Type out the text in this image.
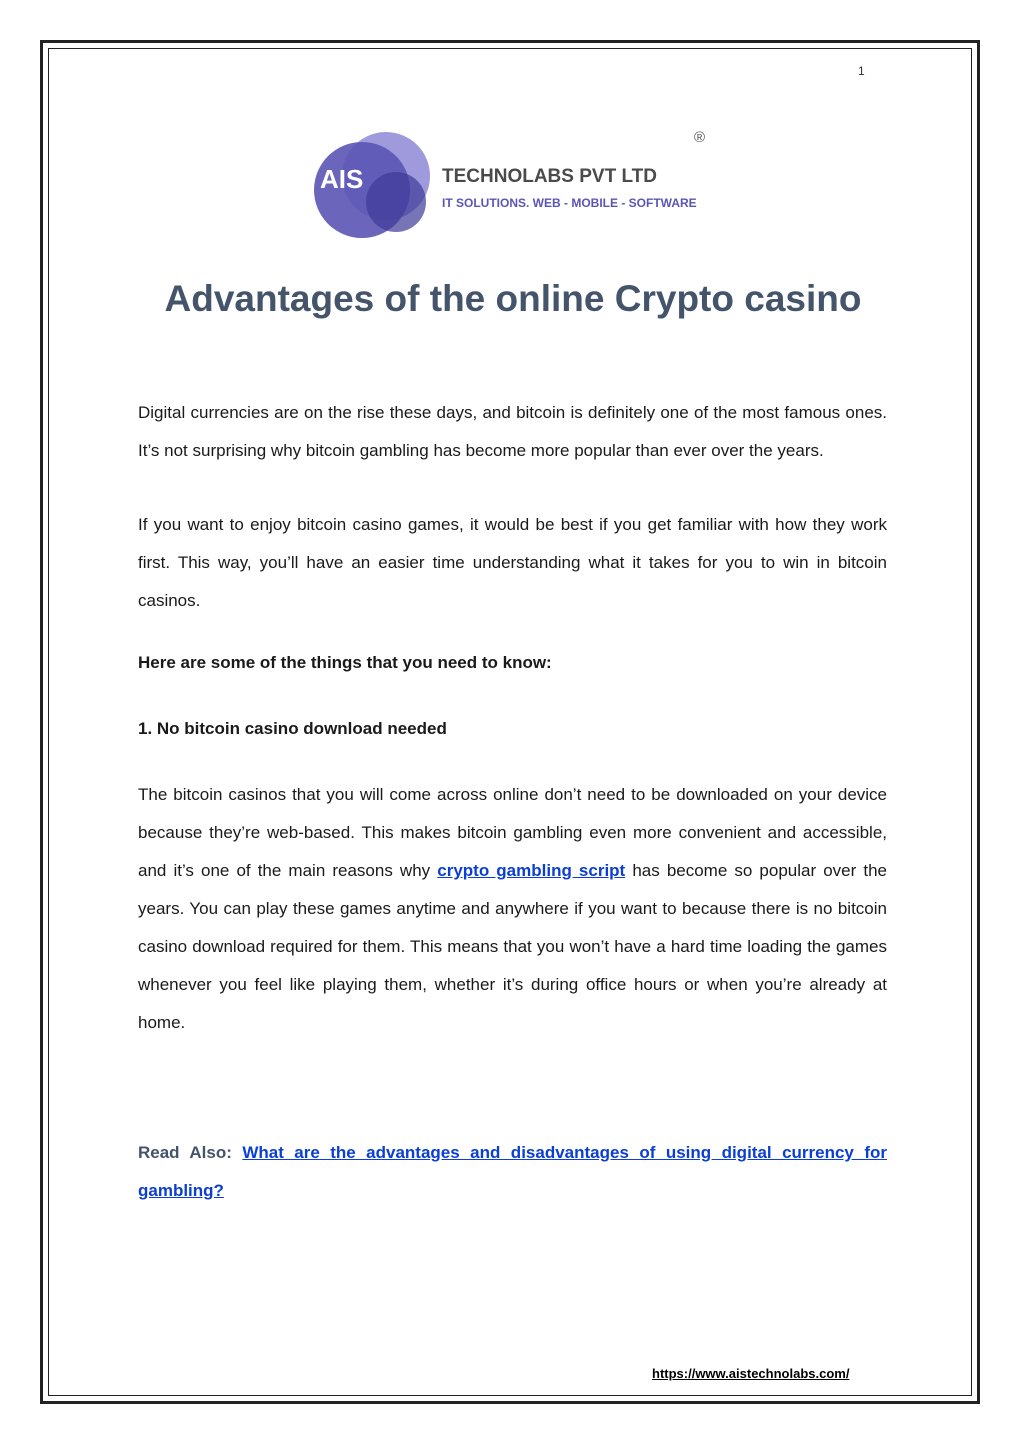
1
AIS	TECHNOLABS PVT LTD
IT SOLUTIONS. WEB - MOBILE - SOFTWARE
®
Advantages of the online Crypto casino

Digital currencies are on the rise these days, and bitcoin is definitely one of the most famous ones. It’s not surprising why bitcoin gambling has become more popular than ever over the years.

If you want to enjoy bitcoin casino games, it would be best if you get familiar with how they work first. This way, you’ll have an easier time understanding what it takes for you to win in bitcoin casinos.

Here are some of the things that you need to know:

1. No bitcoin casino download needed

The bitcoin casinos that you will come across online don’t need to be downloaded on your device because they’re web-based. This makes bitcoin gambling even more convenient and accessible, and it’s one of the main reasons why crypto gambling script has become so popular over the years. You can play these games anytime and anywhere if you want to because there is no bitcoin casino download required for them. This means that you won’t have a hard time loading the games whenever you feel like playing them, whether it’s during office hours or when you’re already at home.

Read Also: What are the advantages and disadvantages of using digital currency for gambling?

https://www.aistechnolabs.com/
